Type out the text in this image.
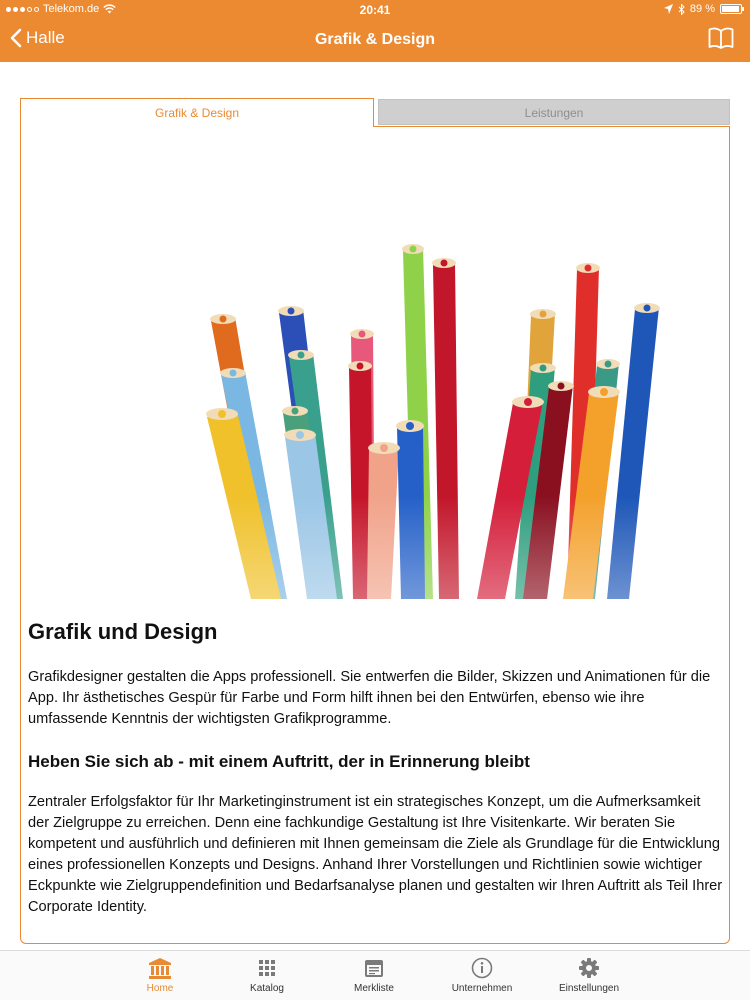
Telekom.de	20:41	89 %
Halle	Grafik & Design
Grafik & Design	Leistungen
Grafik und Design

Grafikdesigner gestalten die Apps professionell. Sie entwerfen die Bilder, Skizzen und Animationen für die App. Ihr ästhetisches Gespür für Farbe und Form hilft ihnen bei den Entwürfen, ebenso wie ihre umfassende Kenntnis der wichtigsten Grafikprogramme.

Heben Sie sich ab - mit einem Auftritt, der in Erinnerung bleibt

Zentraler Erfolgsfaktor für Ihr Marketinginstrument ist ein strategisches Konzept, um die Aufmerksamkeit der Zielgruppe zu erreichen. Denn eine fachkundige Gestaltung ist Ihre Visitenkarte. Wir beraten Sie kompetent und ausführlich und definieren mit Ihnen gemeinsam die Ziele als Grundlage für die Entwicklung eines professionellen Konzepts und Designs. Anhand Ihrer Vorstellungen und Richtlinien sowie wichtiger Eckpunkte wie Zielgruppendefinition und Bedarfsanalyse planen und gestalten wir Ihren Auftritt als Teil Ihrer Corporate Identity.

Home	Katalog	Merkliste	Unternehmen	Einstellungen
